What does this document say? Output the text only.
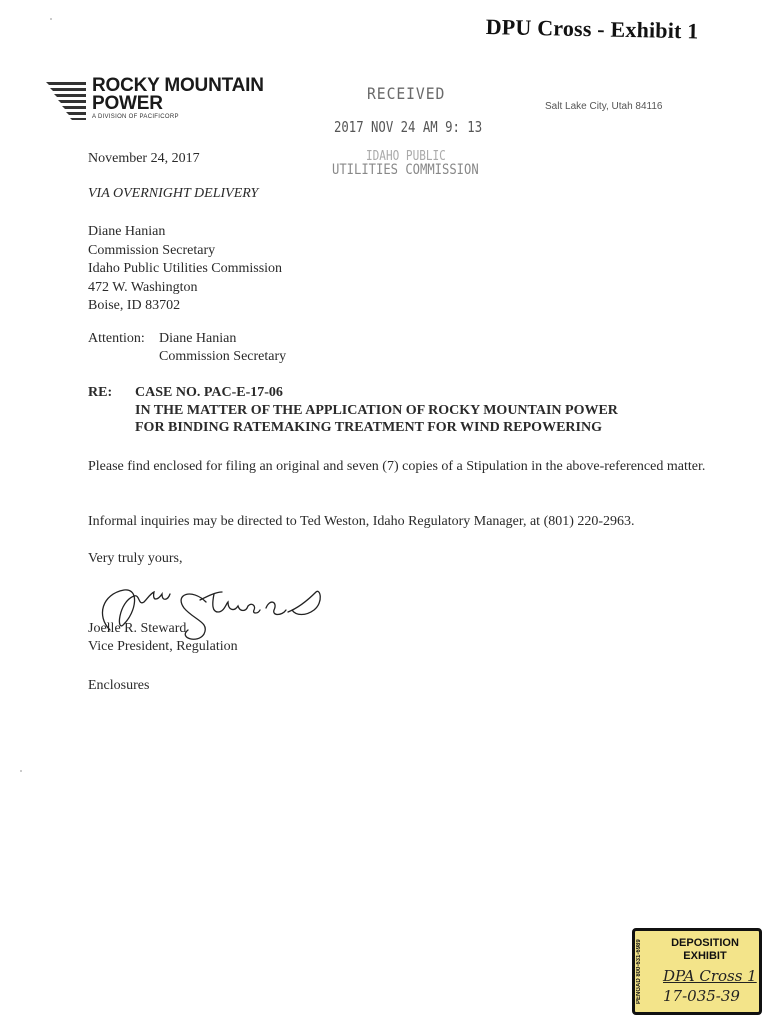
DPU Cross - Exhibit 1
ROCKY MOUNTAIN
POWER
A DIVISION OF PACIFICORP
Salt Lake City, Utah 84116
RECEIVED
2017 NOV 24 AM 9: 13
IDAHO PUBLIC
UTILITIES COMMISSION
November 24, 2017
VIA OVERNIGHT DELIVERY
Diane Hanian
Commission Secretary
Idaho Public Utilities Commission
472 W. Washington
Boise, ID 83702
Attention: Diane Hanian
Commission Secretary
RE: CASE NO. PAC-E-17-06
IN THE MATTER OF THE APPLICATION OF ROCKY MOUNTAIN POWER
FOR BINDING RATEMAKING TREATMENT FOR WIND REPOWERING
Please find enclosed for filing an original and seven (7) copies of a Stipulation in the above-referenced matter.
Informal inquiries may be directed to Ted Weston, Idaho Regulatory Manager, at (801) 220-2963.
Very truly yours,
Joelle R. Steward
Vice President, Regulation
Enclosures
PENGAD 800-631-6989	DEPOSITION
EXHIBIT
DPA Cross 1
17-035-39
